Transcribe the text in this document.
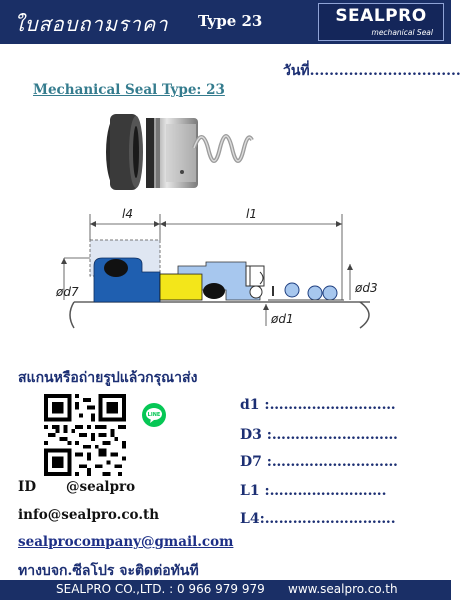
ใบสอบถามราคา Type 23	SEALPRO
mechanical Seal
วันที่...............................
Mechanical Seal Type: 23
l4	l1
ød7	ød3
ød1
สแกนหรือถ่ายรูปแล้วกรุณาส่ง
LINE
ID @sealpro
info@sealpro.co.th
sealprocompany@gmail.com
ทางบจก.ซีลโปร จะติดต่อทันที
d1 :………………………
D3 :………………………
D7 :………………………
L1 :…………………….
L4:……………………….
SEALPRO CO.,LTD. : 0 966 979 979 www.sealpro.co.th
